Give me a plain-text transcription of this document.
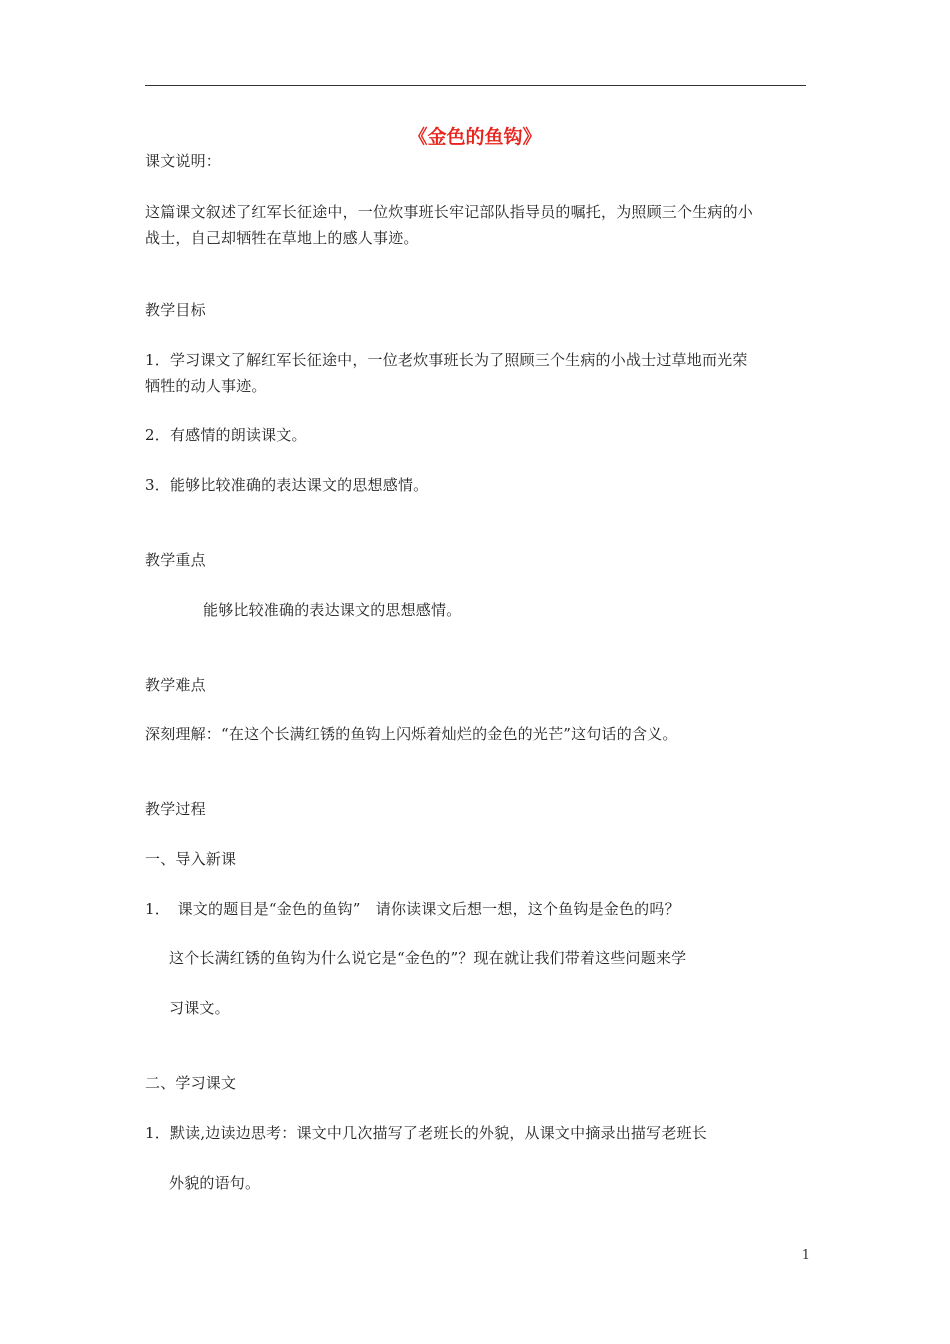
《金色的鱼钩》
课文说明：
这篇课文叙述了红军长征途中，一位炊事班长牢记部队指导员的嘱托，为照顾三个生病的小
战士，自己却牺牲在草地上的感人事迹。
教学目标
1．学习课文了解红军长征途中，一位老炊事班长为了照顾三个生病的小战士过草地而光荣
牺牲的动人事迹。
2．有感情的朗读课文。
3．能够比较准确的表达课文的思想感情。
教学重点
能够比较准确的表达课文的思想感情。
教学难点
深刻理解：“在这个长满红锈的鱼钩上闪烁着灿烂的金色的光芒”这句话的含义。
教学过程
一、导入新课
1．　课文的题目是“金色的鱼钩”　请你读课文后想一想，这个鱼钩是金色的吗？
这个长满红锈的鱼钩为什么说它是“金色的”？现在就让我们带着这些问题来学
习课文。
二、学习课文
1．默读,边读边思考：课文中几次描写了老班长的外貌，从课文中摘录出描写老班长
外貌的语句。
1
